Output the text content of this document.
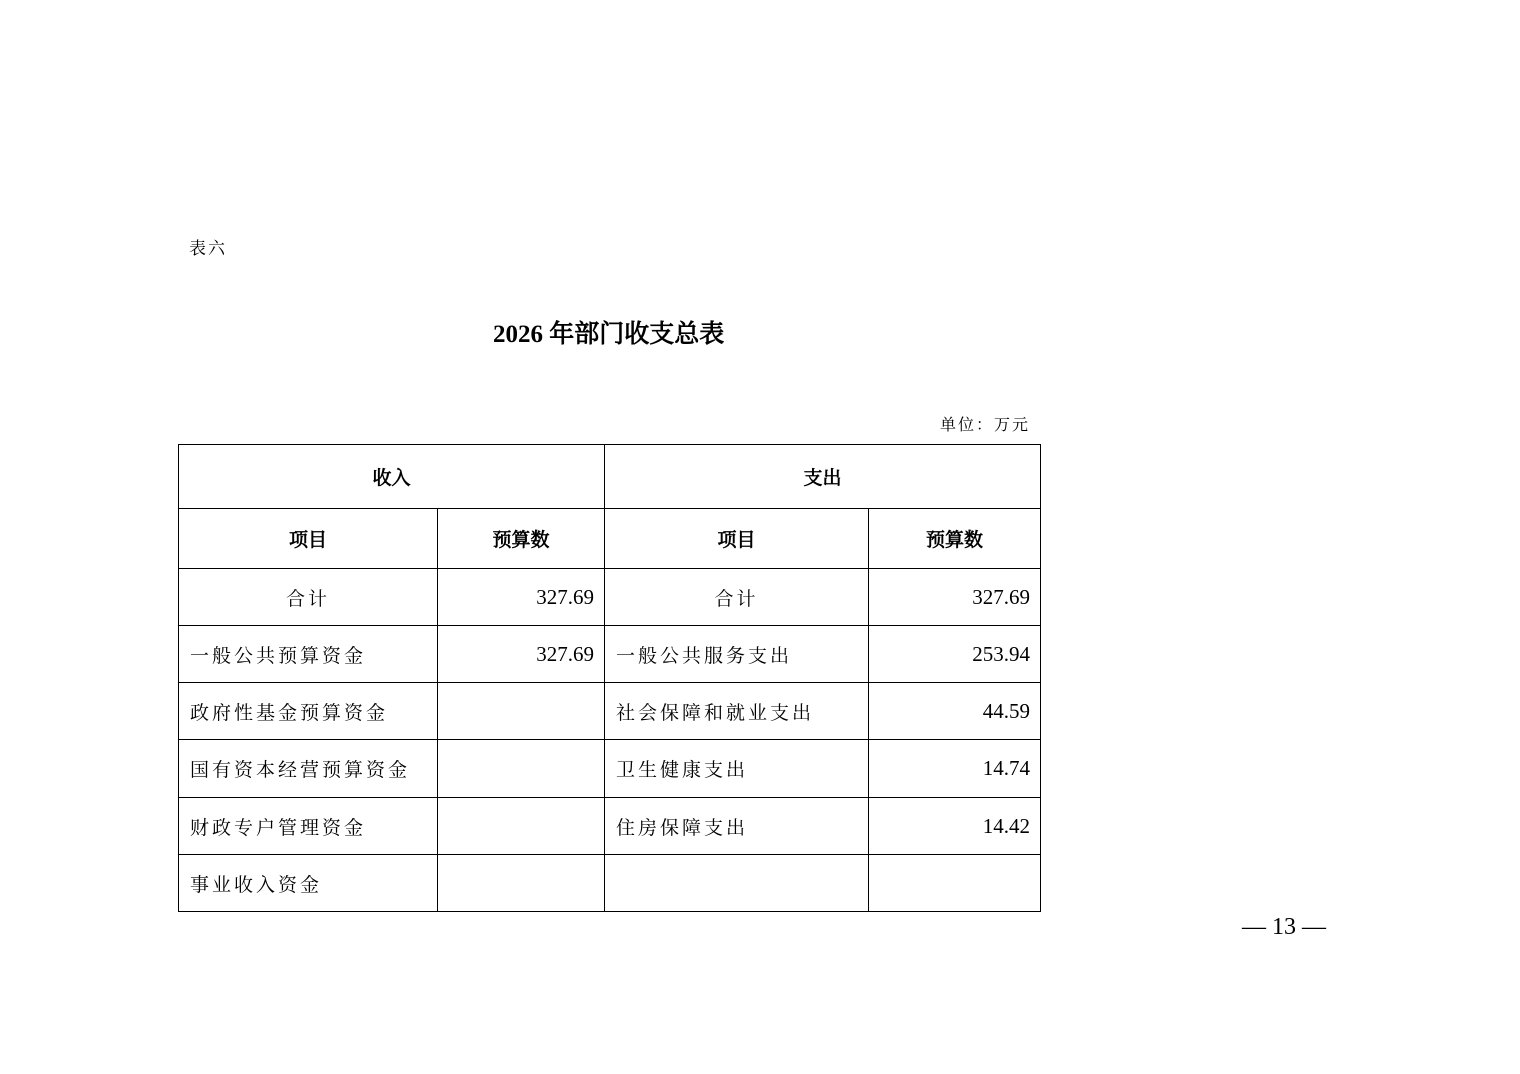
表六
2026 年部门收支总表
单位：万元
收入		支出	
项目	预算数	项目	预算数
合计	327.69	合计	327.69
一般公共预算资金	327.69	一般公共服务支出	253.94
政府性基金预算资金		社会保障和就业支出	44.59
国有资本经营预算资金		卫生健康支出	14.74
财政专户管理资金		住房保障支出	14.42
事业收入资金			
— 13 —
